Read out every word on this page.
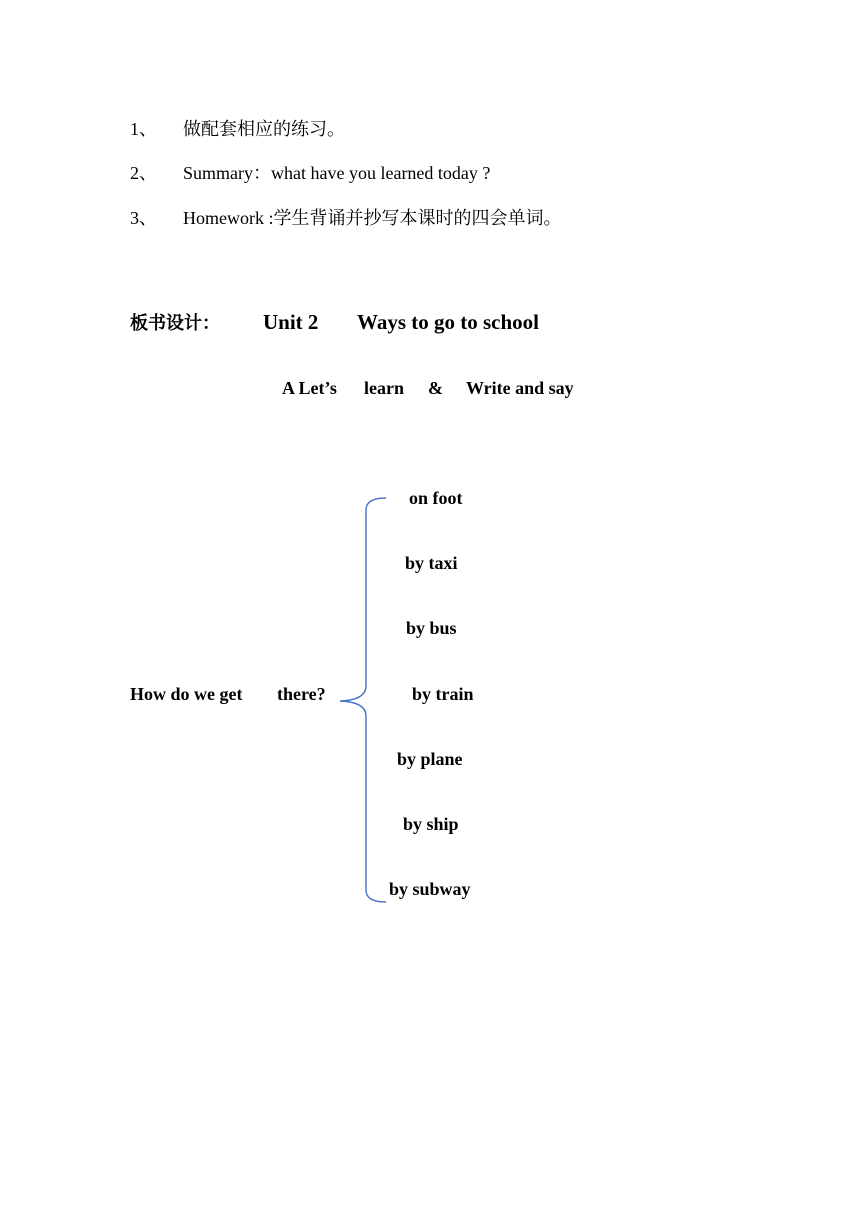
1、 做配套相应的练习。
2、 Summary：what have you learned today ?
3、 Homework :学生背诵并抄写本课时的四会单词。
板书设计： Unit 2 Ways to go to school
A Let’s learn & Write and say
How do we get there?
on foot
by taxi
by bus
by train
by plane
by ship
by subway
